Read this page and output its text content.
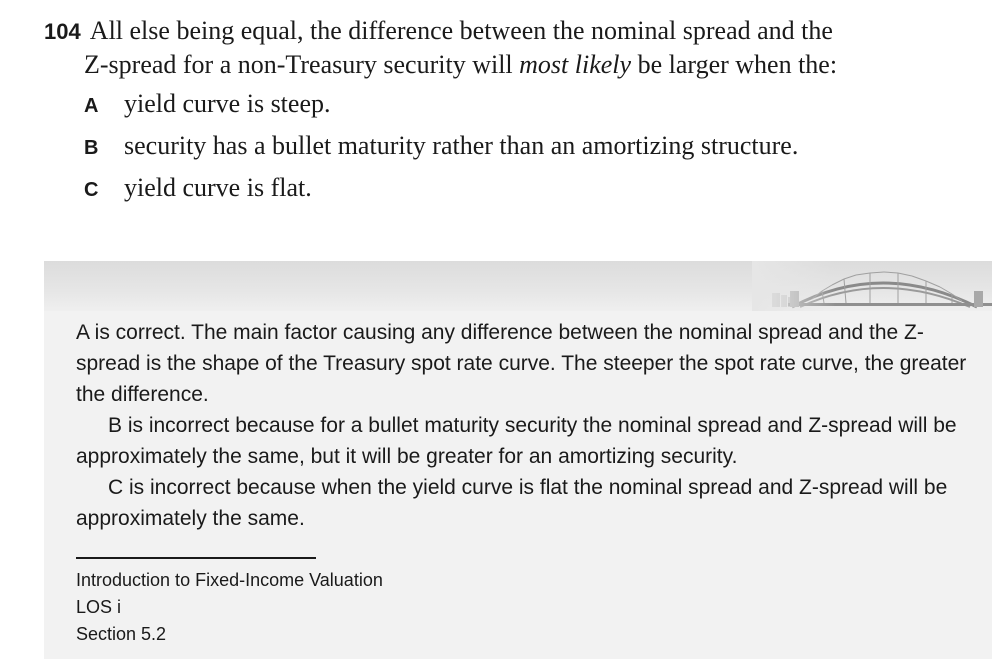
104 All else being equal, the difference between the nominal spread and the
Z-spread for a non-Treasury security will most likely be larger when the:
A yield curve is steep.
B security has a bullet maturity rather than an amortizing structure.
C yield curve is flat.

A is correct. The main factor causing any difference between the nominal spread and the Z-spread is the shape of the Treasury spot rate curve. The steeper the spot rate curve, the greater the difference.

B is incorrect because for a bullet maturity security the nominal spread and Z-spread will be approximately the same, but it will be greater for an amortizing security.

C is incorrect because when the yield curve is flat the nominal spread and Z-spread will be approximately the same.

Introduction to Fixed-Income Valuation
LOS i
Section 5.2
